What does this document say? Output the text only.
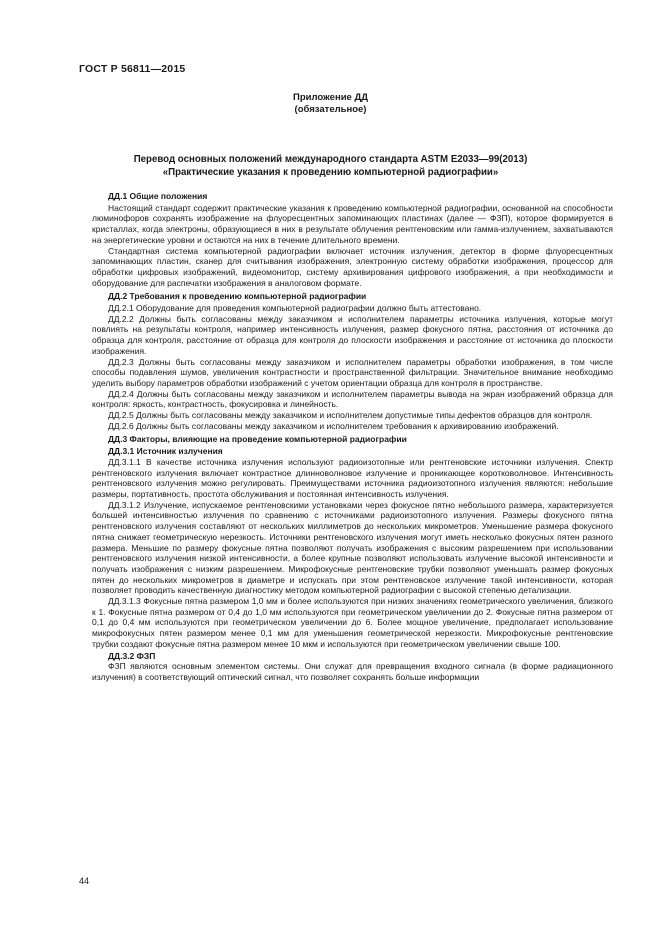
ГОСТ Р 56811—2015
Приложение ДД
(обязательное)
Перевод основных положений международного стандарта ASTM E2033—99(2013)
«Практические указания к проведению компьютерной радиографии»
ДД.1 Общие положения

Настоящий стандарт содержит практические указания к проведению компьютерной радиографии, основанной на способности люминофоров сохранять изображение на флуоресцентных запоминающих пластинах (далее — ФЗП), которое формируется в кристаллах, когда электроны, образующиеся в них в результате облучения рентгеновским или гамма-излучением, захватываются на энергетические уровни и остаются на них в течение длительного времени.

Стандартная система компьютерной радиографии включает источник излучения, детектор в форме флуоресцентных запоминающих пластин, сканер для считывания изображения, электронную систему обработки изображения, процессор для обработки цифровых изображений, видеомонитор, систему архивирования цифрового изображения, а при необходимости и оборудование для распечатки изображения в аналоговом формате.

ДД.2 Требования к проведению компьютерной радиографии

ДД.2.1 Оборудование для проведения компьютерной радиографии должно быть аттестовано.

ДД.2.2 Должны быть согласованы между заказчиком и исполнителем параметры источника излучения, которые могут повлиять на результаты контроля, например интенсивность излучения, размер фокусного пятна, расстояния от источника до образца для контроля, расстояние от образца для контроля до плоскости изображения и расстояние от источника до плоскости изображения.

ДД.2.3 Должны быть согласованы между заказчиком и исполнителем параметры обработки изображения, в том числе способы подавления шумов, увеличения контрастности и пространственной фильтрации. Значительное внимание необходимо уделить выбору параметров обработки изображений с учетом ориентации образца для контроля в пространстве.

ДД.2.4 Должны быть согласованы между заказчиком и исполнителем параметры вывода на экран изображений образца для контроля: яркость, контрастность, фокусировка и линейность.

ДД.2.5 Должны быть согласованы между заказчиком и исполнителем допустимые типы дефектов образцов для контроля.

ДД.2.6 Должны быть согласованы между заказчиком и исполнителем требования к архивированию изображений.

ДД.3 Факторы, влияющие на проведение компьютерной радиографии
ДД.3.1 Источник излучения

ДД.3.1.1 В качестве источника излучения используют радиоизотопные или рентгеновские источники излучения. Спектр рентгеновского излучения включает контрастное длинноволновое излучение и проникающее коротковолновое. Интенсивность рентгеновского излучения можно регулировать. Преимуществами источника радиоизотопного излучения являются: небольшие размеры, портативность, простота обслуживания и постоянная интенсивность излучения.

ДД.3.1.2 Излучение, испускаемое рентгеновскими установками через фокусное пятно небольшого размера, характеризуется большей интенсивностью излучения по сравнению с источниками радиоизотопного излучения. Размеры фокусного пятна рентгеновского излучения составляют от нескольких миллиметров до нескольких микрометров. Уменьшение размера фокусного пятна снижает геометрическую нерезкость. Источники рентгеновского излучения могут иметь несколько фокусных пятен разного размера. Меньшие по размеру фокусные пятна позволяют получать изображения с высоким разрешением при использовании рентгеновского излучения низкой интенсивности, а более крупные позволяют использовать излучение высокой интенсивности и получать изображения с низким разрешением. Микрофокусные рентгеновские трубки позволяют уменьшать размер фокусных пятен до нескольких микрометров в диаметре и испускать при этом рентгеновское излучение такой интенсивности, которая позволяет проводить качественную диагностику методом компьютерной радиографии с высокой степенью детализации.

ДД.3.1.3 Фокусные пятна размером 1,0 мм и более используются при низких значениях геометрического увеличения, близкого к 1. Фокусные пятна размером от 0,4 до 1,0 мм используются при геометрическом увеличении до 2. Фокусные пятна размером от 0,1 до 0,4 мм используются при геометрическом увеличении до 6. Более мощное увеличение, предполагает использование микрофокусных пятен размером менее 0,1 мм для уменьшения геометрической нерезкости. Микрофокусные рентгеновские трубки создают фокусные пятна размером менее 10 мкм и используются при геометрическом увеличении свыше 100.

ДД.3.2 ФЗП

ФЗП являются основным элементом системы. Они служат для превращения входного сигнала (в форме радиационного излучения) в соответствующий оптический сигнал, что позволяет сохранять больше информации

44
